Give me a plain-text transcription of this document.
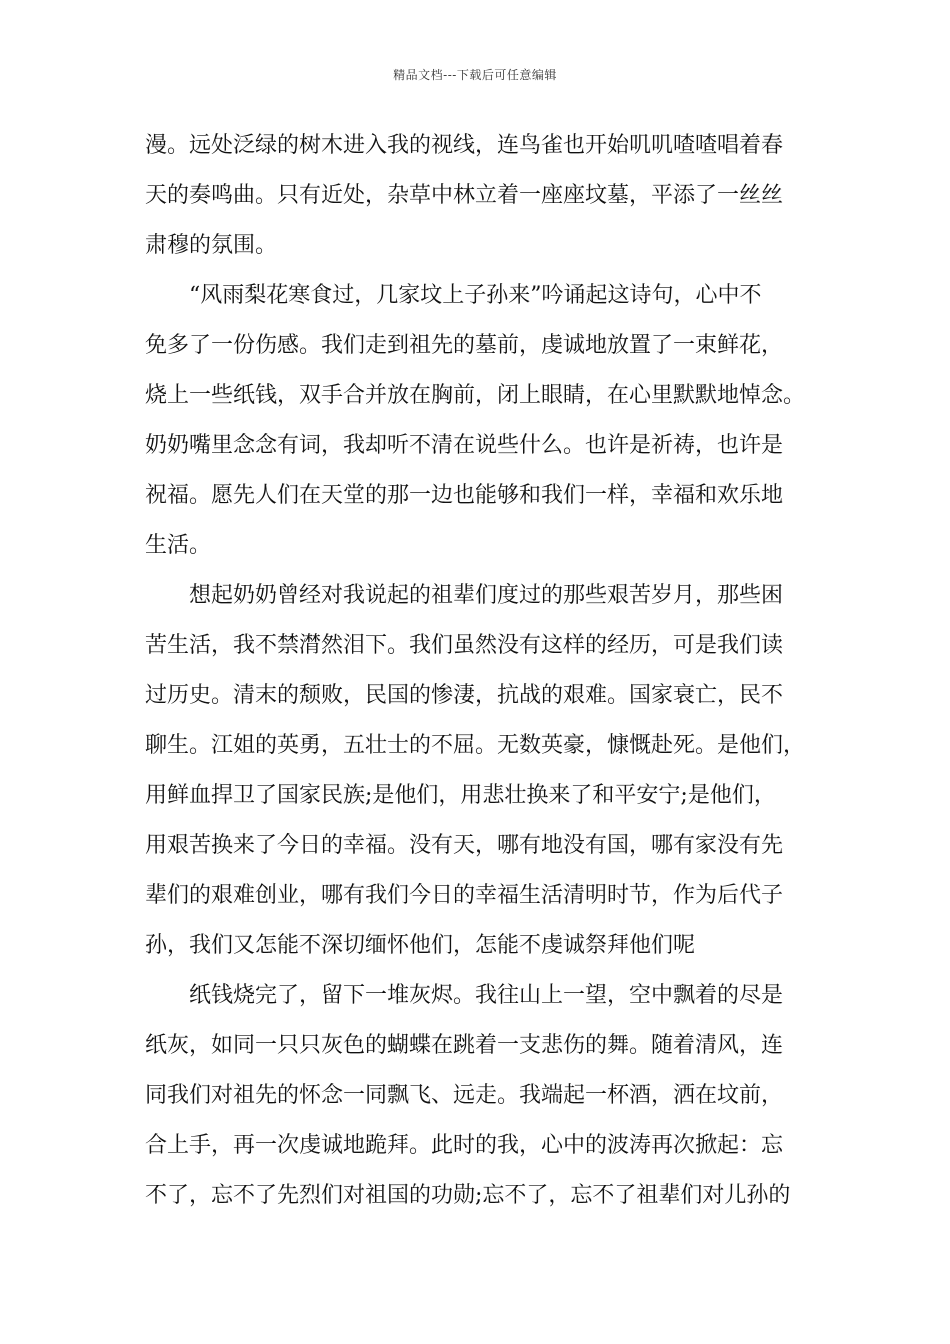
精品文档---下载后可任意编辑
漫。远处泛绿的树木进入我的视线，连鸟雀也开始叽叽喳喳唱着春
天的奏鸣曲。只有近处，杂草中林立着一座座坟墓，平添了一丝丝
肃穆的氛围。
“风雨梨花寒食过，几家坟上子孙来”吟诵起这诗句，心中不
免多了一份伤感。我们走到祖先的墓前，虔诚地放置了一束鲜花，
烧上一些纸钱，双手合并放在胸前，闭上眼睛，在心里默默地悼念。
奶奶嘴里念念有词，我却听不清在说些什么。也许是祈祷，也许是
祝福。愿先人们在天堂的那一边也能够和我们一样，幸福和欢乐地
生活。
想起奶奶曾经对我说起的祖辈们度过的那些艰苦岁月，那些困
苦生活，我不禁潸然泪下。我们虽然没有这样的经历，可是我们读
过历史。清末的颓败，民国的惨淒，抗战的艰难。国家衰亡，民不
聊生。江姐的英勇，五壮士的不屈。无数英豪，慷慨赴死。是他们，
用鲜血捍卫了国家民族;是他们，用悲壮换来了和平安宁;是他们，
用艰苦换来了今日的幸福。没有天，哪有地没有国，哪有家没有先
辈们的艰难创业，哪有我们今日的幸福生活清明时节，作为后代子
孙，我们又怎能不深切缅怀他们，怎能不虔诚祭拜他们呢
纸钱烧完了，留下一堆灰烬。我往山上一望，空中飘着的尽是
纸灰，如同一只只灰色的蝴蝶在跳着一支悲伤的舞。随着清风，连
同我们对祖先的怀念一同飘飞、远走。我端起一杯酒，洒在坟前，
合上手，再一次虔诚地跪拜。此时的我，心中的波涛再次掀起：忘
不了，忘不了先烈们对祖国的功勋;忘不了，忘不了祖辈们对儿孙的
